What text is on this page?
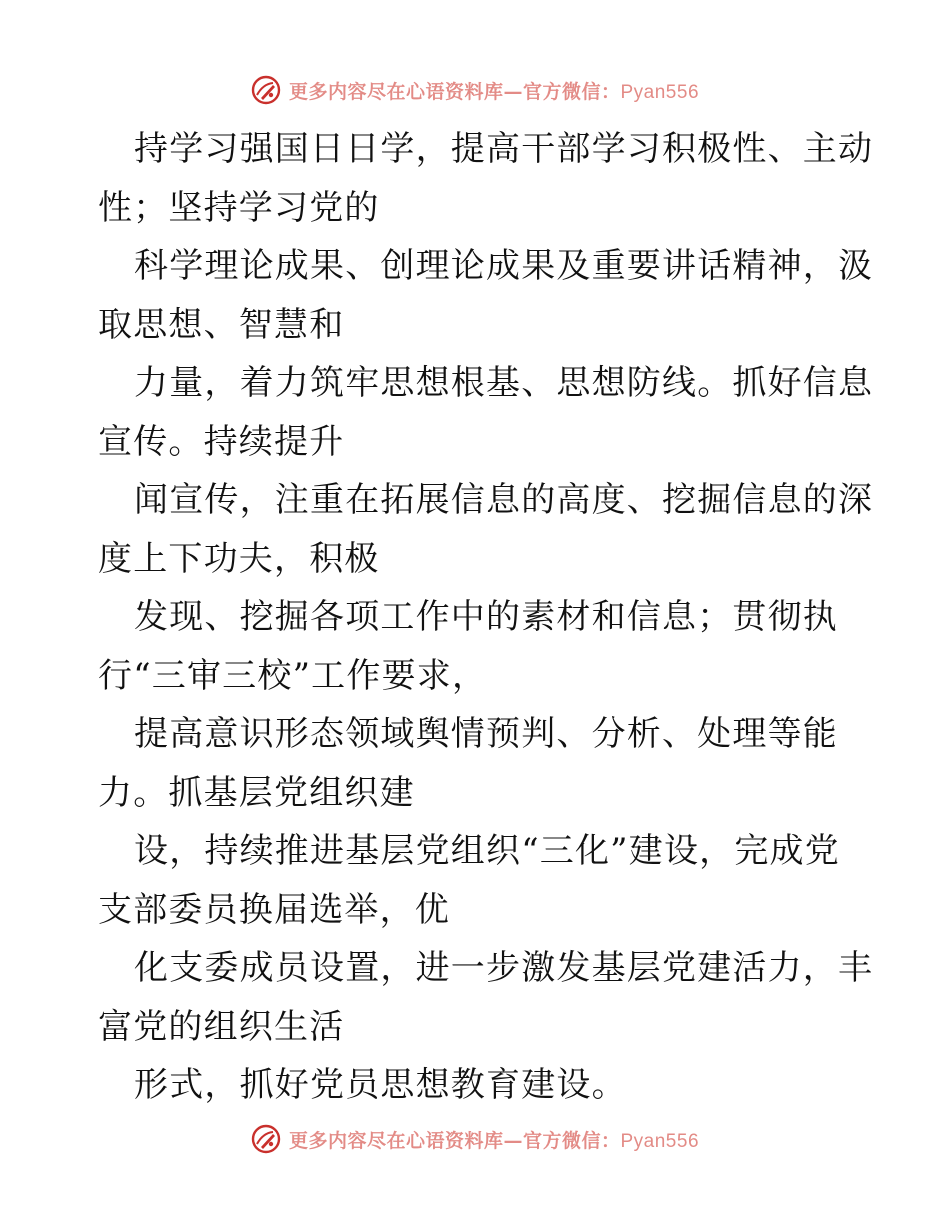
更多内容尽在心语资料库—官方微信：Pyan556
持学习强国日日学，提高干部学习积极性、主动
性；坚持学习党的
科学理论成果、创理论成果及重要讲话精神，汲
取思想、智慧和
力量，着力筑牢思想根基、思想防线。抓好信息
宣传。持续提升
闻宣传，注重在拓展信息的高度、挖掘信息的深
度上下功夫，积极
发现、挖掘各项工作中的素材和信息；贯彻执
行“三审三校”工作要求，
提高意识形态领域舆情预判、分析、处理等能
力。抓基层党组织建
设，持续推进基层党组织“三化”建设，完成党
支部委员换届选举，优
化支委成员设置，进一步激发基层党建活力，丰
富党的组织生活
形式，抓好党员思想教育建设。
更多内容尽在心语资料库—官方微信：Pyan556
